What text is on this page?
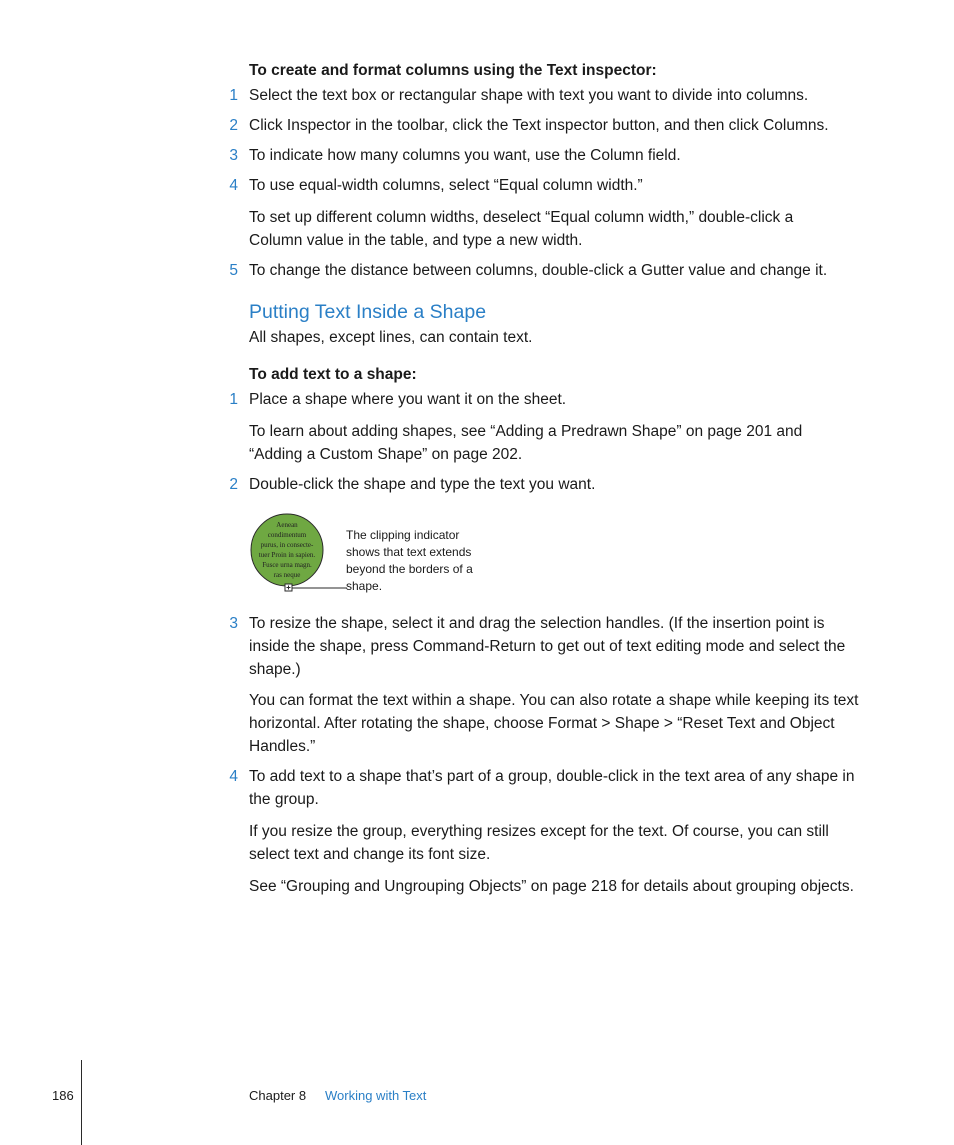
To create and format columns using the Text inspector:

1 Select the text box or rectangular shape with text you want to divide into columns.

2 Click Inspector in the toolbar, click the Text inspector button, and then click Columns.

3 To indicate how many columns you want, use the Column field.

4 To use equal-width columns, select “Equal column width.”

To set up different column widths, deselect “Equal column width,” double-click a Column value in the table, and type a new width.

5 To change the distance between columns, double-click a Gutter value and change it.

Putting Text Inside a Shape

All shapes, except lines, can contain text.

To add text to a shape:

1 Place a shape where you want it on the sheet.

To learn about adding shapes, see “Adding a Predrawn Shape” on page 201 and “Adding a Custom Shape” on page 202.

2 Double-click the shape and type the text you want.

Aenean
condimentum
purus, in consecte-
tuer Proin in sapien.
Fusce urna magn.
ras neque
The clipping indicator shows that text extends beyond the borders of a shape.
3 To resize the shape, select it and drag the selection handles. (If the insertion point is inside the shape, press Command-Return to get out of text editing mode and select the shape.)

You can format the text within a shape. You can also rotate a shape while keeping its text horizontal. After rotating the shape, choose Format > Shape > “Reset Text and Object Handles.”

4 To add text to a shape that’s part of a group, double-click in the text area of any shape in the group.

If you resize the group, everything resizes except for the text. Of course, you can still select text and change its font size.

See “Grouping and Ungrouping Objects” on page 218 for details about grouping objects.

186	Chapter 8 Working with Text
